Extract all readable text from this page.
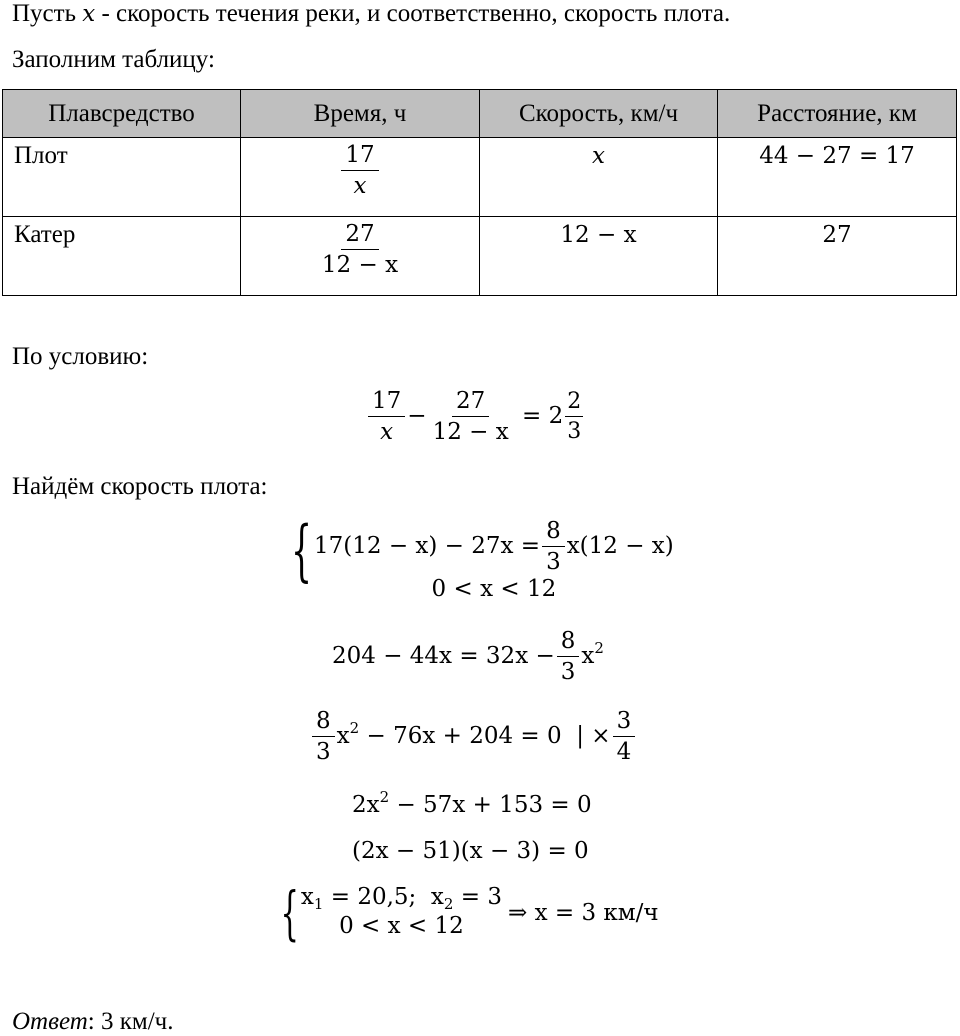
Пусть x - скорость течения реки, и соответственно, скорость плота.
Заполним таблицу:
Плавсредство	Время, ч	Скорость, км/ч	Расстояние, км
Плот	$\frac{17}{x}$	x	44 − 27 = 17
Катер	$\frac{27}{12 - x}$	12 − x	27
По условию:
$\frac{17}{x} - \frac{27}{12 - x} = 2 \frac{2}{3}$
Найдём скорость плота:
{ $17(12 - x) - 27x = \frac{8}{3} x(12 - x)$
0 < x < 12
$204 - 44x = 32x - \frac{8}{3} x^2$
$\frac{8}{3} x^2 - 76x + 204 = 0$  | × $\frac{3}{4}$
$2x^2 - 57x + 153 = 0$
(2x − 51)(x − 3) = 0
{ $x_1 = 20,5$;  $x_2 = 3$
0 < x < 12 ⇒ x = 3 км/ч
Ответ: 3 км/ч.
